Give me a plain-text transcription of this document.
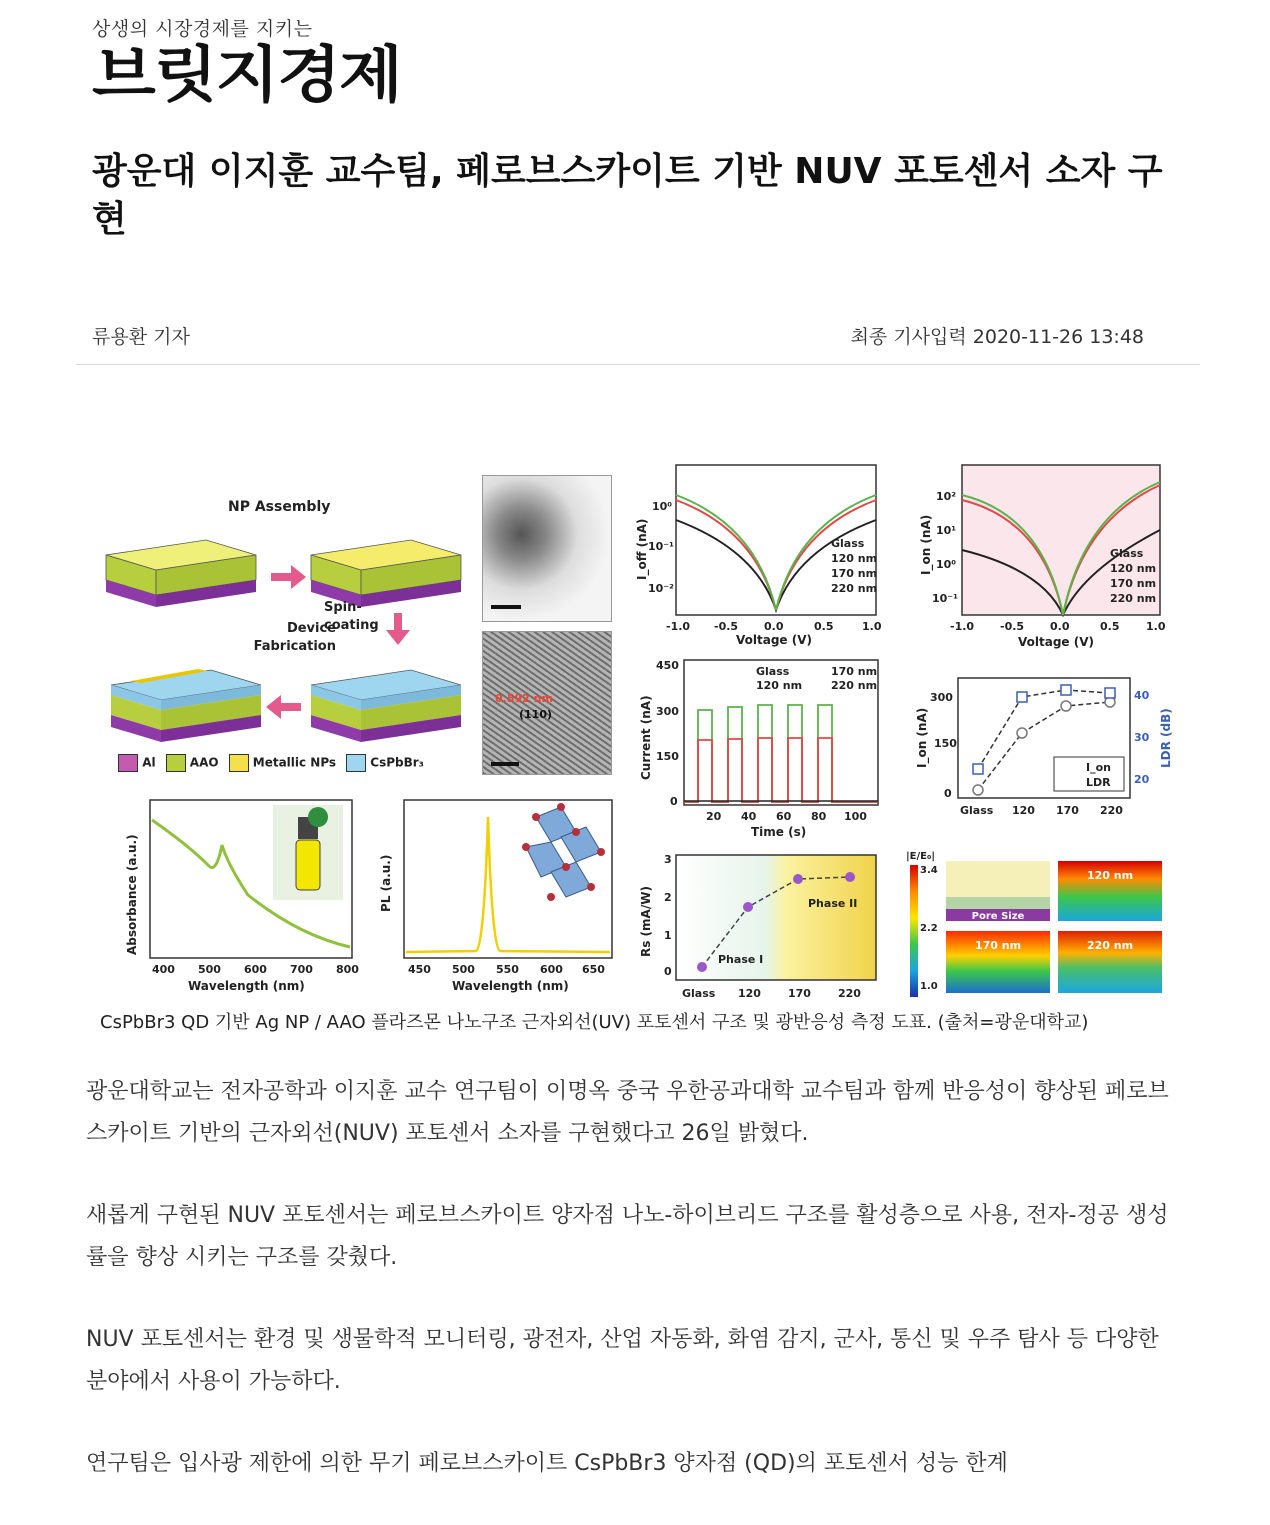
상생의 시장경제를 지키는
브릿지경제
광운대 이지훈 교수팀, 페로브스카이트 기반 NUV 포토센서 소자 구현
류용환 기자	최종 기사입력 2020-11-26 13:48
NP Assembly
Spin-coating
Device Fabrication
Al	AAO	Metallic NPs	CsPbBr₃
0.592 nm
(110)
Glass
120 nm
170 nm
220 nm
-1.0 -0.5 0.0	0.5	1.0
10⁰
10⁻¹
10⁻²
Voltage (V)
I_off (nA)	Glass
120 nm
170 nm
220 nm
-1.0 -0.5 0.0	0.5 1.0
10²
10¹
10⁰
10⁻¹
Voltage (V)
I_on (nA)
Glass	170 nm
120 nm	220 nm
20 40 60 80 100
450
300
150
0
Time (s)
Current (nA)	I_on
LDR
Glass 120 170 220
300
150
0
40
30
20
I_on (nA)	LDR (dB)
400 500 600 700 800
Wavelength (nm)
Absorbance (a.u.)
450 500 550 600 650
Wavelength (nm)
PL (a.u.)
Phase I
Phase II
Glass 120 170 220
3
2
1
0
Rs (mA/W)
|E/E₀|
3.4
2.2
1.0
Pore Size
120 nm
170 nm	220 nm
CsPbBr3 QD 기반 Ag NP / AAO 플라즈몬 나노구조 근자외선(UV) 포토센서 구조 및 광반응성 측정 도표. (출처=광운대학교)

광운대학교는 전자공학과 이지훈 교수 연구팀이 이명옥 중국 우한공과대학 교수팀과 함께 반응성이 향상된 페로브스카이트 기반의 근자외선(NUV) 포토센서 소자를 구현했다고 26일 밝혔다.

새롭게 구현된 NUV 포토센서는 페로브스카이트 양자점 나노-하이브리드 구조를 활성층으로 사용, 전자-정공 생성률을 향상 시키는 구조를 갖췄다.

NUV 포토센서는 환경 및 생물학적 모니터링, 광전자, 산업 자동화, 화염 감지, 군사, 통신 및 우주 탐사 등 다양한 분야에서 사용이 가능하다.

연구팀은 입사광 제한에 의한 무기 페로브스카이트 CsPbBr3 양자점 (QD)의 포토센서 성능 한계
